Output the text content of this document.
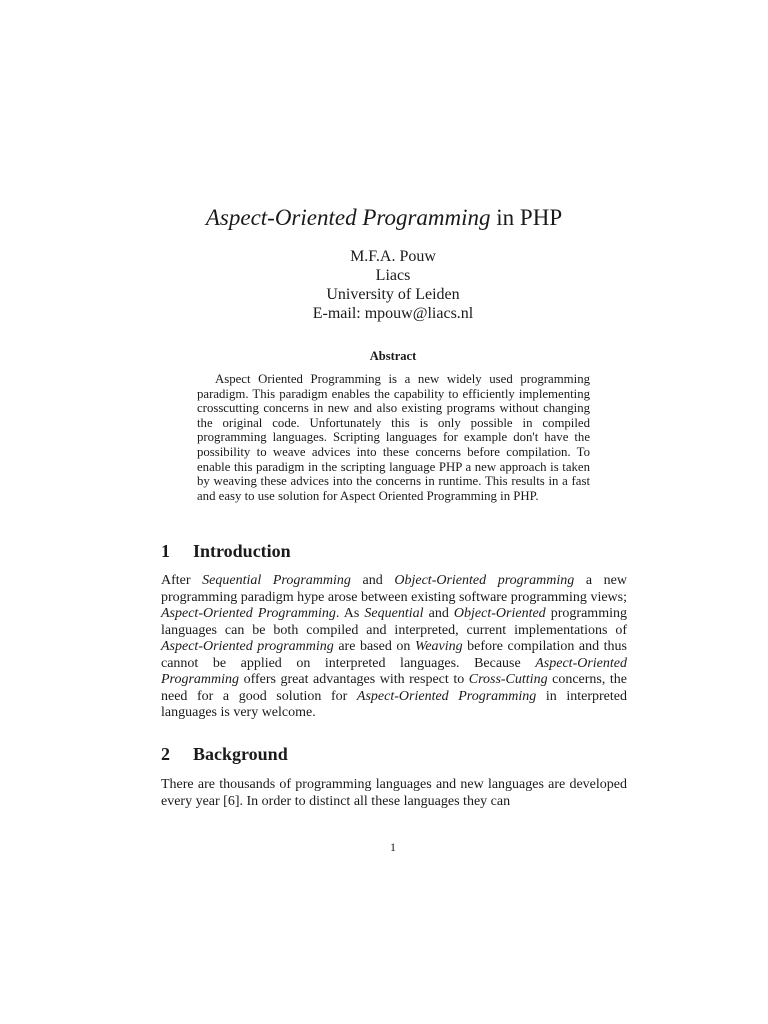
Aspect-Oriented Programming in PHP
M.F.A. Pouw
Liacs
University of Leiden
E-mail: mpouw@liacs.nl
Abstract

Aspect Oriented Programming is a new widely used programming paradigm. This paradigm enables the capability to efficiently implementing crosscutting concerns in new and also existing programs without changing the original code. Unfortunately this is only possible in compiled programming languages. Scripting languages for example don't have the possibility to weave advices into these concerns before compilation. To enable this paradigm in the scripting language PHP a new approach is taken by weaving these advices into the concerns in runtime. This results in a fast and easy to use solution for Aspect Oriented Programming in PHP.

1 Introduction

After Sequential Programming and Object-Oriented programming a new programming paradigm hype arose between existing software programming views; Aspect-Oriented Programming. As Sequential and Object-Oriented programming languages can be both compiled and interpreted, current implementations of Aspect-Oriented programming are based on Weaving before compilation and thus cannot be applied on interpreted languages. Because Aspect-Oriented Programming offers great advantages with respect to Cross-Cutting concerns, the need for a good solution for Aspect-Oriented Programming in interpreted languages is very welcome.

2 Background

There are thousands of programming languages and new languages are developed every year [6]. In order to distinct all these languages they can

1
